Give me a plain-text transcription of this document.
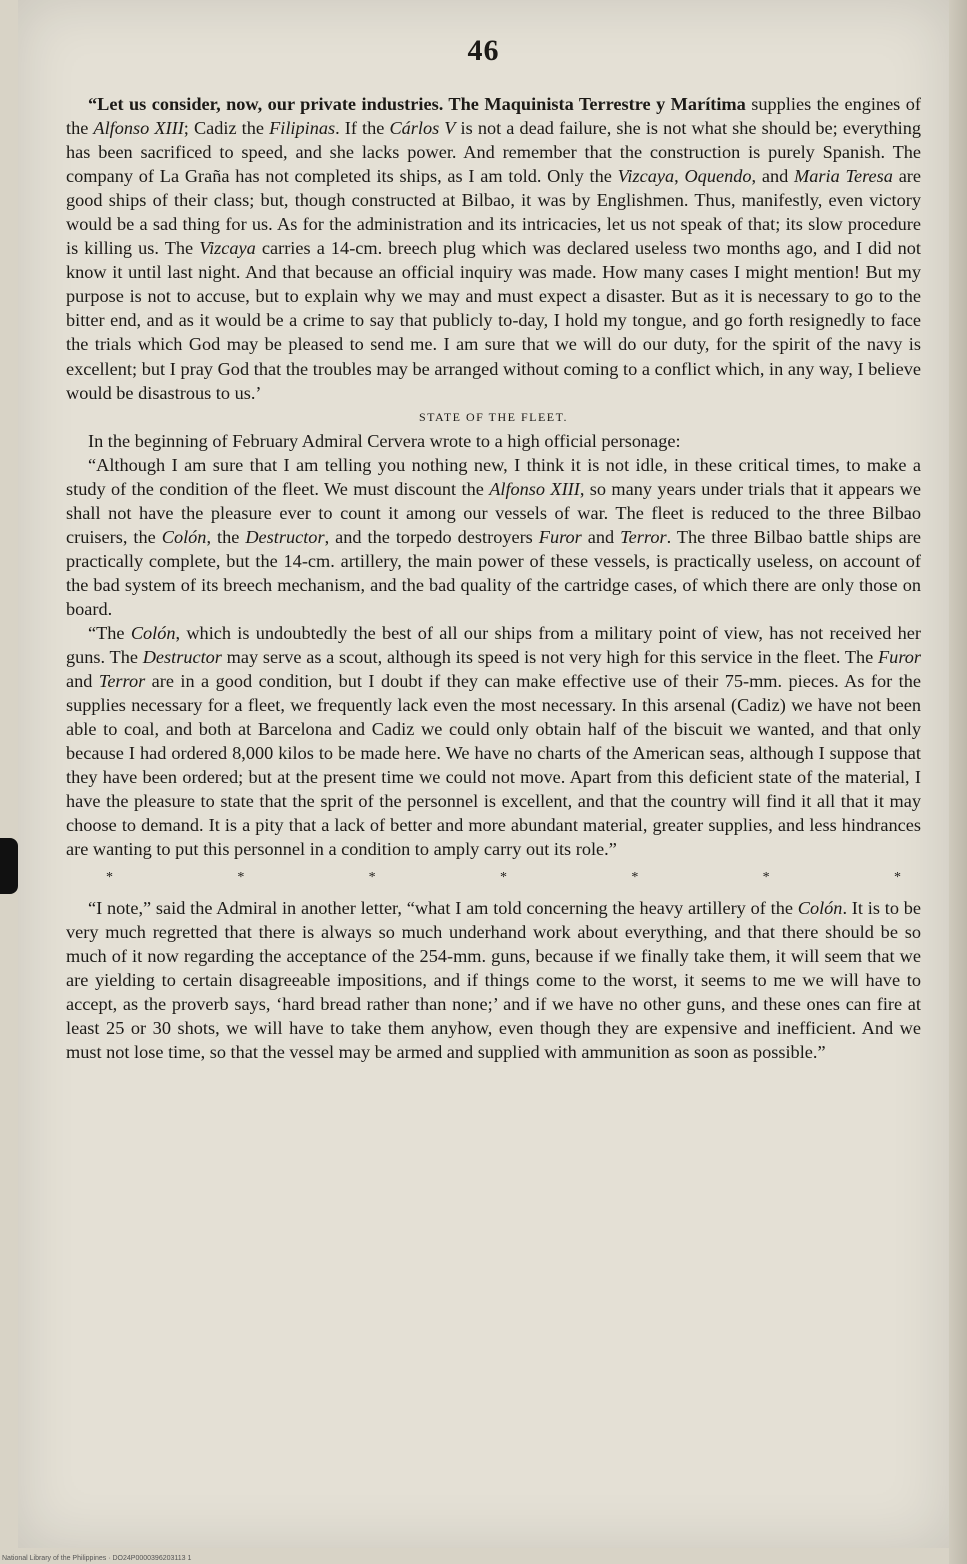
46

“Let us consider, now, our private industries. The Maquinista Terrestre y Marítima supplies the engines of the Alfonso XIII; Cadiz the Filipinas. If the Cárlos V is not a dead failure, she is not what she should be; everything has been sacrificed to speed, and she lacks power. And remember that the construction is purely Spanish. The company of La Graña has not completed its ships, as I am told. Only the Vizcaya, Oquendo, and Maria Teresa are good ships of their class; but, though constructed at Bilbao, it was by Englishmen. Thus, manifestly, even victory would be a sad thing for us. As for the administration and its intricacies, let us not speak of that; its slow procedure is killing us. The Vizcaya carries a 14-cm. breech plug which was declared useless two months ago, and I did not know it until last night. And that because an official inquiry was made. How many cases I might mention! But my purpose is not to accuse, but to explain why we may and must expect a disaster. But as it is necessary to go to the bitter end, and as it would be a crime to say that publicly to-day, I hold my tongue, and go forth resignedly to face the trials which God may be pleased to send me. I am sure that we will do our duty, for the spirit of the navy is excellent; but I pray God that the troubles may be arranged without coming to a conflict which, in any way, I believe would be disastrous to us.’

STATE OF THE FLEET.

In the beginning of February Admiral Cervera wrote to a high official personage:

“Although I am sure that I am telling you nothing new, I think it is not idle, in these critical times, to make a study of the condition of the fleet. We must discount the Alfonso XIII, so many years under trials that it appears we shall not have the pleasure ever to count it among our vessels of war. The fleet is reduced to the three Bilbao cruisers, the Colón, the Destructor, and the torpedo destroyers Furor and Terror. The three Bilbao battle ships are practically complete, but the 14-cm. artillery, the main power of these vessels, is practically useless, on account of the bad system of its breech mechanism, and the bad quality of the cartridge cases, of which there are only those on board.

“The Colón, which is undoubtedly the best of all our ships from a military point of view, has not received her guns. The Destructor may serve as a scout, although its speed is not very high for this service in the fleet. The Furor and Terror are in a good condition, but I doubt if they can make effective use of their 75-mm. pieces. As for the supplies necessary for a fleet, we frequently lack even the most necessary. In this arsenal (Cadiz) we have not been able to coal, and both at Barcelona and Cadiz we could only obtain half of the biscuit we wanted, and that only because I had ordered 8,000 kilos to be made here. We have no charts of the American seas, although I suppose that they have been ordered; but at the present time we could not move. Apart from this deficient state of the material, I have the pleasure to state that the sprit of the personnel is excellent, and that the country will find it all that it may choose to demand. It is a pity that a lack of better and more abundant material, greater supplies, and less hindrances are wanting to put this personnel in a condition to amply carry out its role.”

*	*	*	*	*	*	*

“I note,” said the Admiral in another letter, “what I am told concerning the heavy artillery of the Colón. It is to be very much regretted that there is always so much underhand work about everything, and that there should be so much of it now regarding the acceptance of the 254-mm. guns, because if we finally take them, it will seem that we are yielding to certain disagreeable impositions, and if things come to the worst, it seems to me we will have to accept, as the proverb says, ‘hard bread rather than none;’ and if we have no other guns, and these ones can fire at least 25 or 30 shots, we will have to take them anyhow, even though they are expensive and inefficient. And we must not lose time, so that the vessel may be armed and supplied with ammunition as soon as possible.”

National Library of the Philippines · DO24P0000396203113 1
